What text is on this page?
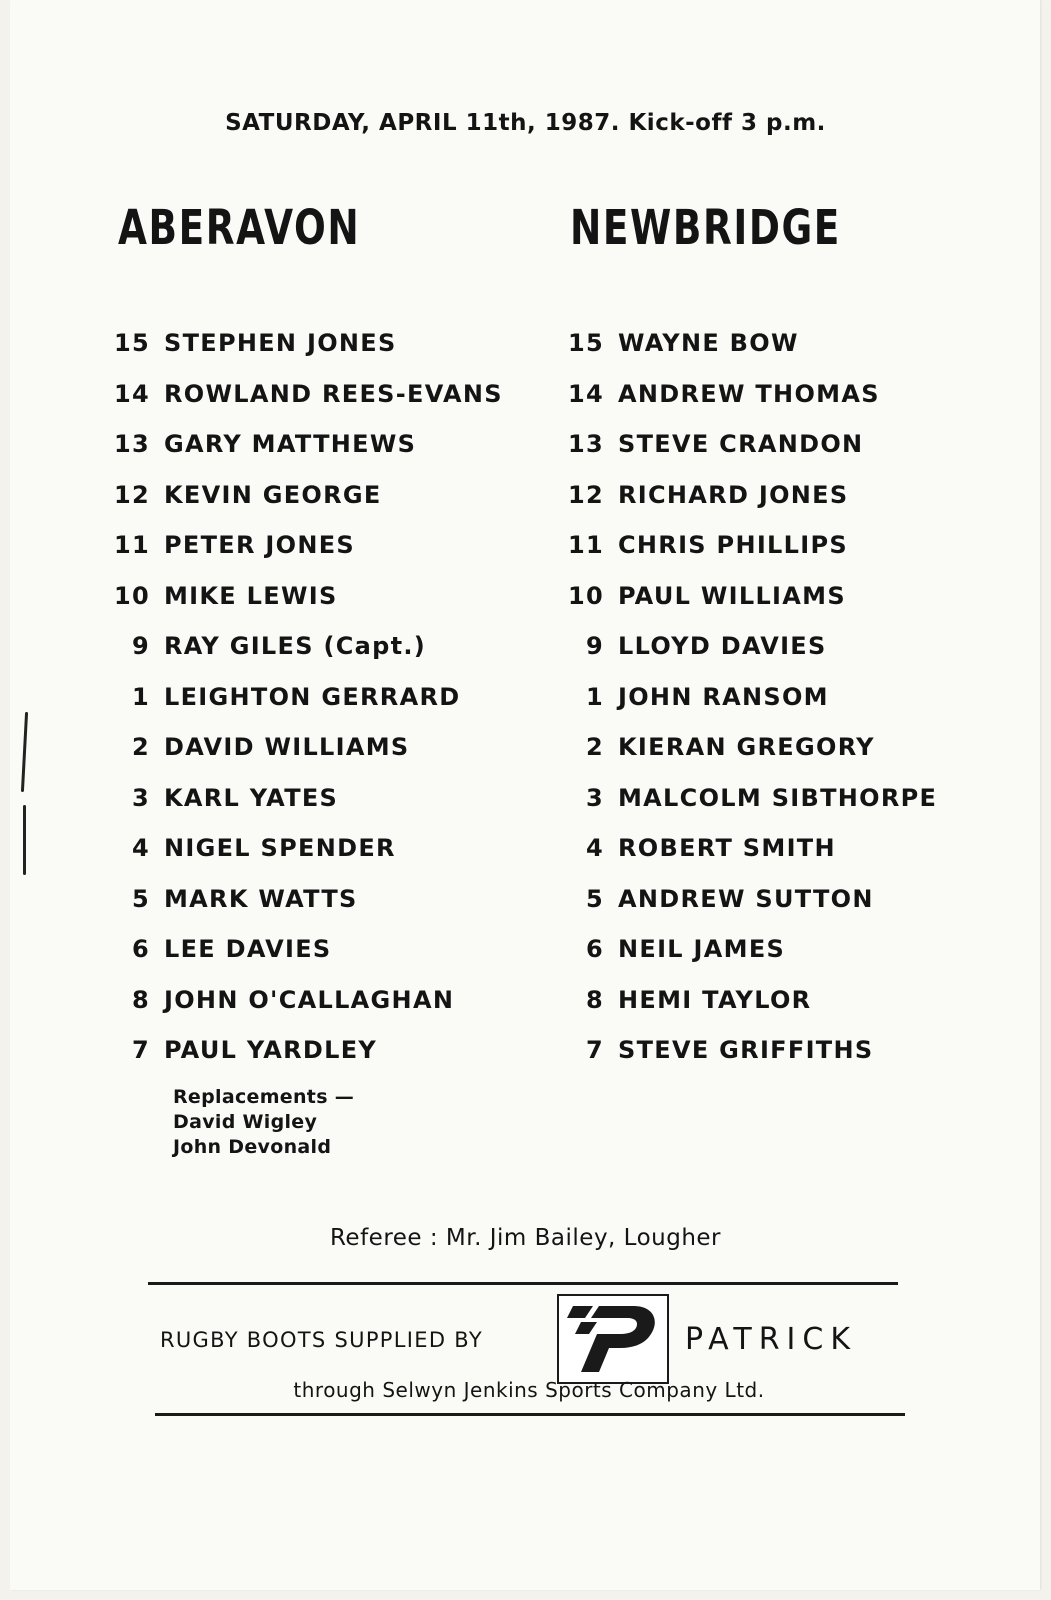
SATURDAY, APRIL 11th, 1987. Kick-off 3 p.m.
ABERAVON	NEWBRIDGE
15 STEPHEN JONES
14 ROWLAND REES-EVANS
13 GARY MATTHEWS
12 KEVIN GEORGE
11 PETER JONES
10 MIKE LEWIS
9 RAY GILES (Capt.)
1 LEIGHTON GERRARD
2 DAVID WILLIAMS
3 KARL YATES
4 NIGEL SPENDER
5 MARK WATTS
6 LEE DAVIES
8 JOHN O'CALLAGHAN
7 PAUL YARDLEY
15 WAYNE BOW
14 ANDREW THOMAS
13 STEVE CRANDON
12 RICHARD JONES
11 CHRIS PHILLIPS
10 PAUL WILLIAMS
9 LLOYD DAVIES
1 JOHN RANSOM
2 KIERAN GREGORY
3 MALCOLM SIBTHORPE
4 ROBERT SMITH
5 ANDREW SUTTON
6 NEIL JAMES
8 HEMI TAYLOR
7 STEVE GRIFFITHS
Replacements —
David Wigley
John Devonald
Referee : Mr. Jim Bailey, Lougher
RUGBY BOOTS SUPPLIED BY	PATRICK
through Selwyn Jenkins Sports Company Ltd.
